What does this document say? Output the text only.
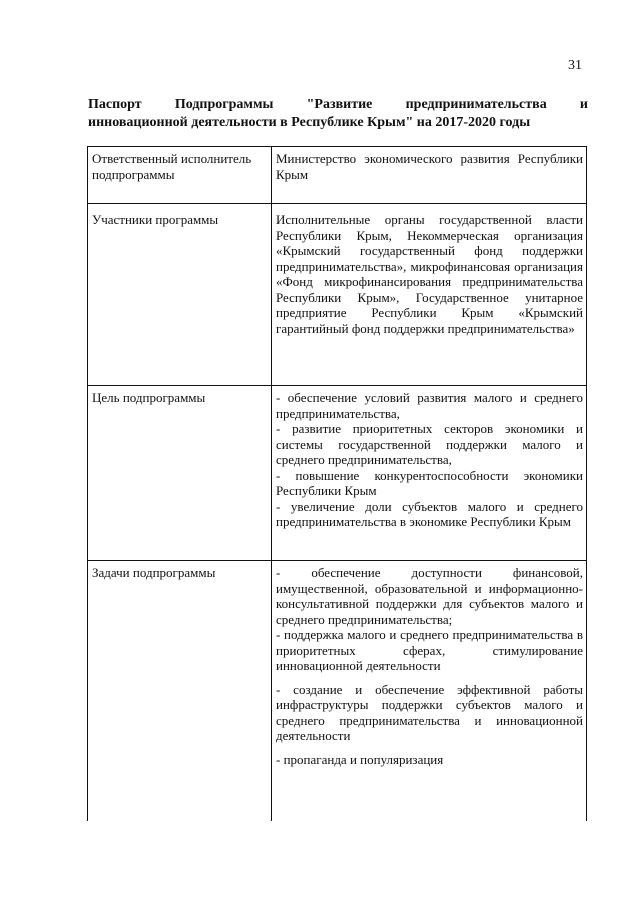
31
Паспорт Подпрограммы "Развитие предпринимательства и
инновационной деятельности в Республике Крым" на 2017-2020 годы
Ответственный исполнитель подпрограммы	Министерство экономического развития Республики Крым

Участники программы	Исполнительные органы государственной власти Республики Крым, Некоммерческая организация «Крымский государственный фонд поддержки предпринимательства», микрофинансовая организация «Фонд микрофинансирования предпринимательства Республики Крым», Государственное унитарное предприятие Республики Крым «Крымский гарантийный фонд поддержки предпринимательства»

Цель подпрограммы	- обеспечение условий развития малого и среднего предпринимательства,

- развитие приоритетных секторов экономики и системы государственной поддержки малого и среднего предпринимательства,

- повышение конкурентоспособности экономики Республики Крым

- увеличение доли субъектов малого и среднего предпринимательства в экономике Республики Крым

Задачи подпрограммы	- обеспечение доступности финансовой, имущественной, образовательной и информационно-консультативной поддержки для субъектов малого и среднего предпринимательства;

- поддержка малого и среднего предпринимательства в приоритетных сферах, стимулирование инновационной деятельности

- создание и обеспечение эффективной работы инфраструктуры поддержки субъектов малого и среднего предпринимательства и инновационной деятельности

- пропаганда и популяризация
